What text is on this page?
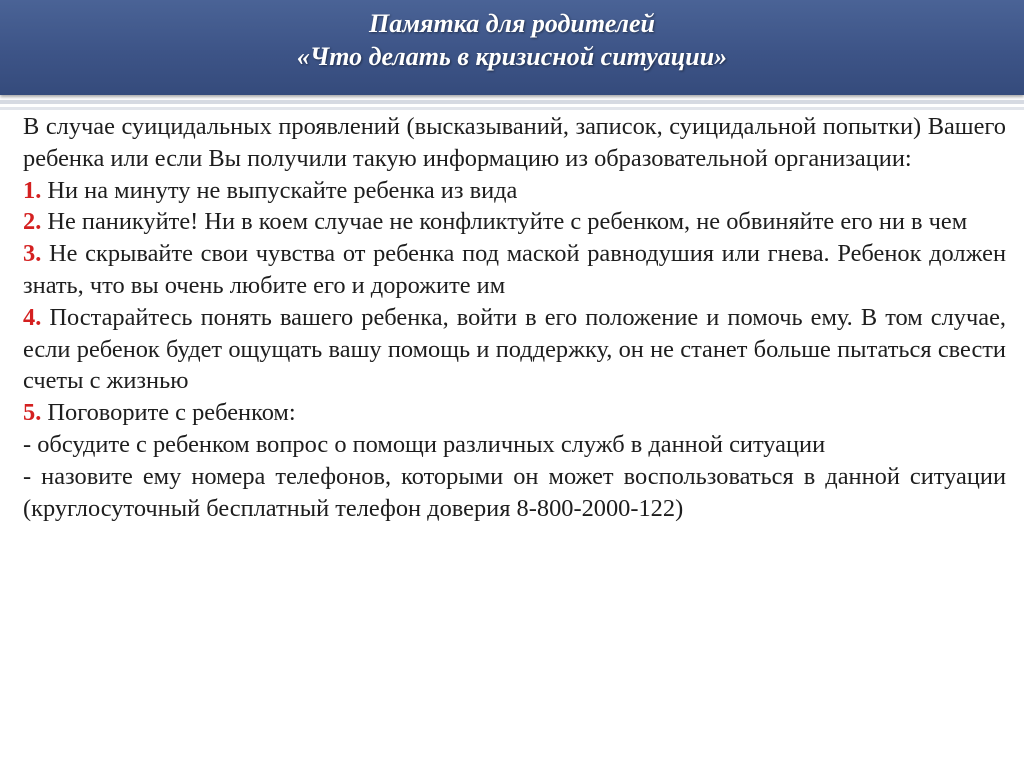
Памятка для родителей
«Что делать в кризисной ситуации»

В случае суицидальных проявлений (высказываний, записок, суицидальной попытки) Вашего ребенка или если Вы получили такую информацию из образовательной организации:

1. Ни на минуту не выпускайте ребенка из вида

2. Не паникуйте! Ни в коем случае не конфликтуйте с ребенком, не обвиняйте его ни в чем

3. Не скрывайте свои чувства от ребенка под маской равнодушия или гнева. Ребенок должен знать, что вы очень любите его и дорожите им

4. Постарайтесь понять вашего ребенка, войти в его положение и помочь ему. В том случае, если ребенок будет ощущать вашу помощь и поддержку, он не станет больше пытаться свести счеты с жизнью

5. Поговорите с ребенком:

- обсудите с ребенком вопрос о помощи различных служб в данной ситуации

- назовите ему номера телефонов, которыми он может воспользоваться в данной ситуации (круглосуточный бесплатный телефон доверия 8-800-2000-122)
